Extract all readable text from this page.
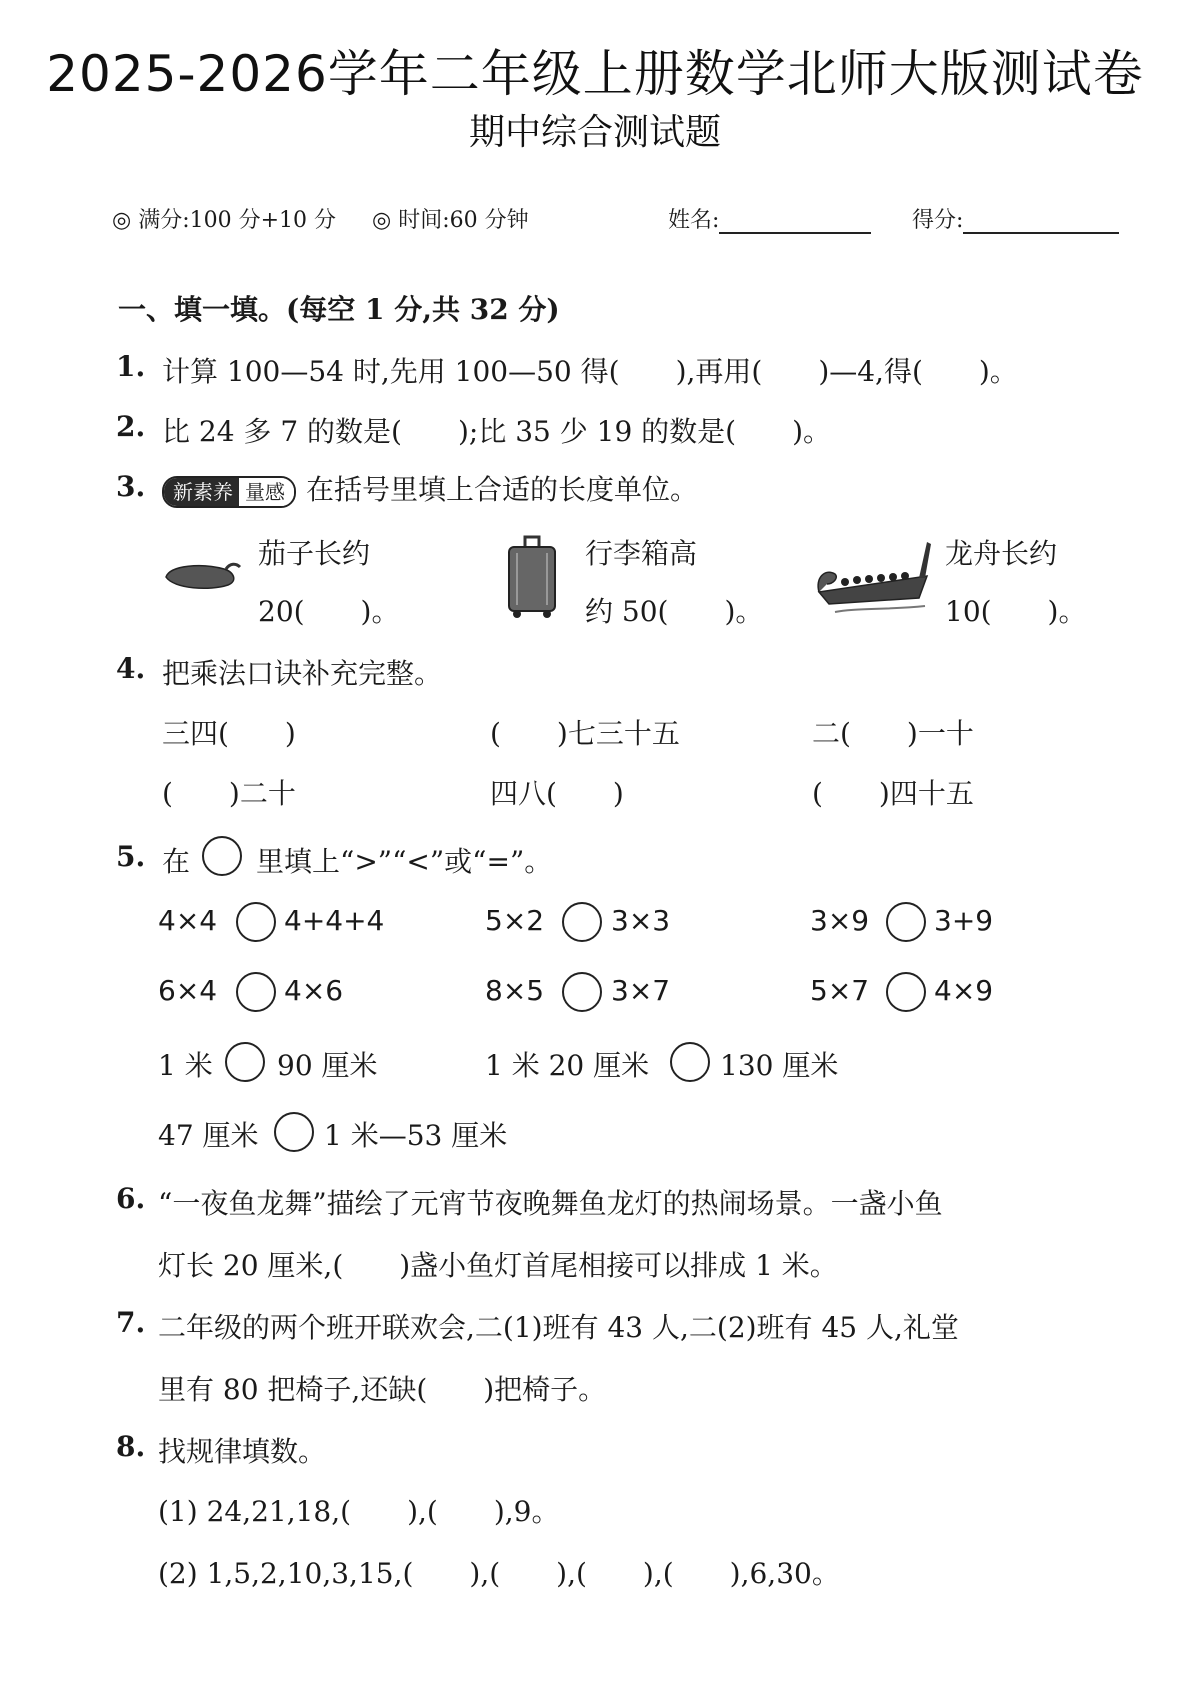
2025-2026学年二年级上册数学北师大版测试卷
期中综合测试题
◎ 满分:100 分+10 分 ◎ 时间:60 分钟	姓名:	得分:
一、填一填。(每空 1 分,共 32 分)
1. 计算 100—54 时,先用 100—50 得(　　),再用(　　)—4,得(　　)。
2. 比 24 多 7 的数是(　　);比 35 少 19 的数是(　　)。
3.	新素养 量感 在括号里填上合适的长度单位。
茄子长约
20(　　)。
行李箱高
约 50(　　)。
龙舟长约
10(　　)。
4. 把乘法口诀补充完整。
三四(　　)	(　　)七三十五	二(　　)一十
(　　)二十	四八(　　)	(　　)四十五
5. 在 里填上“>”“<”或“=”。
4×4 4+4+4	5×2 3×3	3×9 3+9
6×4 4×6	8×5 3×7	5×7 4×9
1 米 90 厘米	1 米 20 厘米	130 厘米
47 厘米 1 米—53 厘米
6. “一夜鱼龙舞”描绘了元宵节夜晚舞鱼龙灯的热闹场景。一盏小鱼
灯长 20 厘米,(　　)盏小鱼灯首尾相接可以排成 1 米。
7. 二年级的两个班开联欢会,二(1)班有 43 人,二(2)班有 45 人,礼堂
里有 80 把椅子,还缺(　　)把椅子。
8. 找规律填数。
(1) 24,21,18,(　　),(　　),9。
(2) 1,5,2,10,3,15,(　　),(　　),(　　),(　　),6,30。
